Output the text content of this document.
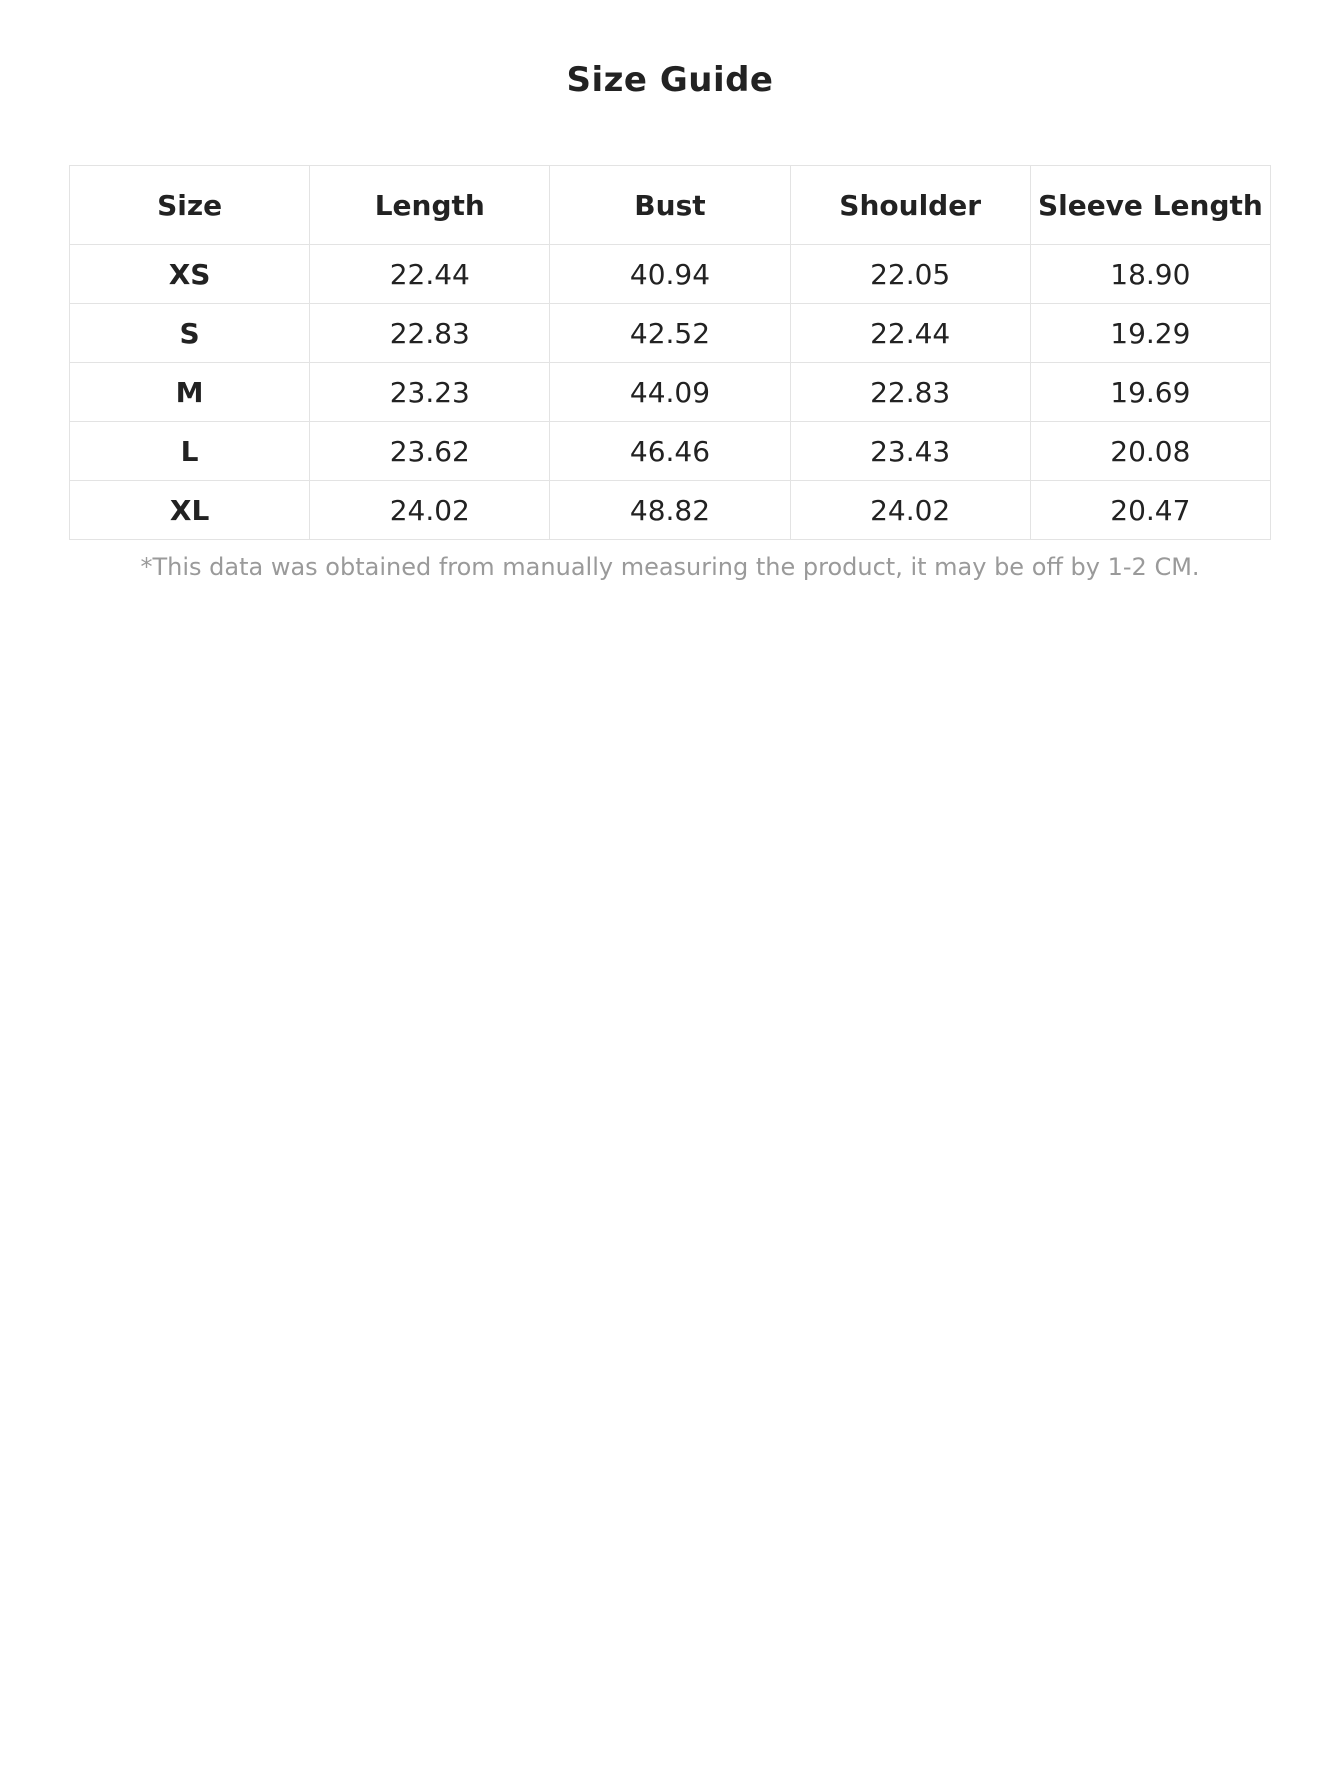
Size Guide
Size	Length	Bust	Shoulder	Sleeve Length
XS	22.44	40.94	22.05	18.90
S	22.83	42.52	22.44	19.29
M	23.23	44.09	22.83	19.69
L	23.62	46.46	23.43	20.08
XL	24.02	48.82	24.02	20.47
*This data was obtained from manually measuring the product, it may be off by 1-2 CM.
